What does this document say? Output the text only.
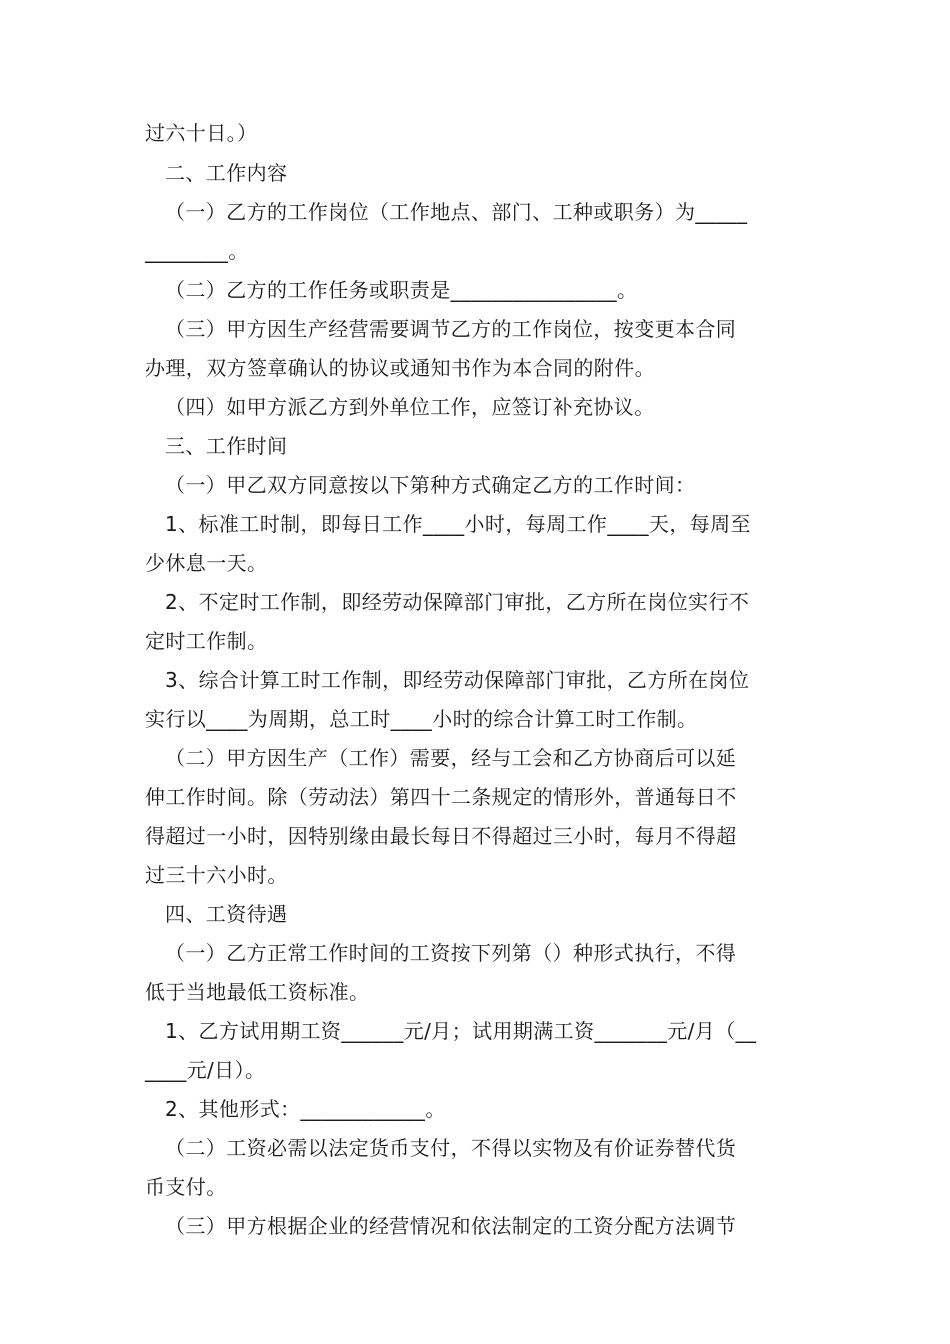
过六十日。）
二、工作内容
（一）乙方的工作岗位（工作地点、部门、工种或职务）为_____
________。
（二）乙方的工作任务或职责是________________。
（三）甲方因生产经营需要调节乙方的工作岗位，按变更本合同
办理，双方签章确认的协议或通知书作为本合同的附件。
（四）如甲方派乙方到外单位工作，应签订补充协议。
三、工作时间
（一）甲乙双方同意按以下第种方式确定乙方的工作时间：
1、标准工时制，即每日工作____小时，每周工作____天，每周至
少休息一天。
2、不定时工作制，即经劳动保障部门审批，乙方所在岗位实行不
定时工作制。
3、综合计算工时工作制，即经劳动保障部门审批，乙方所在岗位
实行以____为周期，总工时____小时的综合计算工时工作制。
（二）甲方因生产（工作）需要，经与工会和乙方协商后可以延
伸工作时间。除（劳动法）第四十二条规定的情形外，普通每日不
得超过一小时，因特别缘由最长每日不得超过三小时，每月不得超
过三十六小时。
四、工资待遇
（一）乙方正常工作时间的工资按下列第（）种形式执行，不得
低于当地最低工资标准。
1、乙方试用期工资______元/月；试用期满工资_______元/月（__
____元/日）。
2、其他形式：____________。
（二）工资必需以法定货币支付，不得以实物及有价证券替代货
币支付。
（三）甲方根据企业的经营情况和依法制定的工资分配方法调节
